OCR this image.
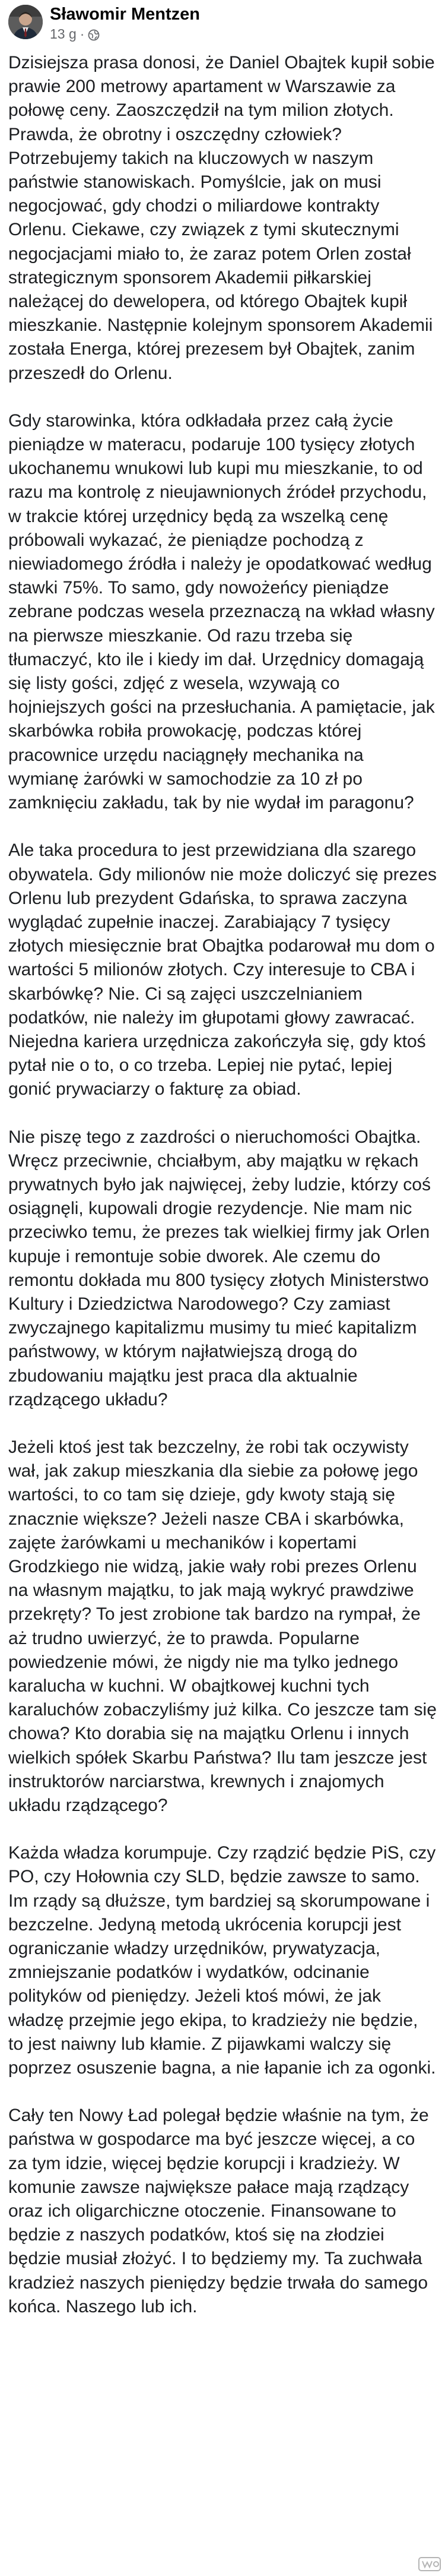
Sławomir Mentzen
13 g ·

Dzisiejsza prasa donosi, że Daniel Obajtek kupił sobie prawie 200 metrowy apartament w Warszawie za połowę ceny. Zaoszczędził na tym milion złotych. Prawda, że obrotny i oszczędny człowiek? Potrzebujemy takich na kluczowych w naszym państwie stanowiskach. Pomyślcie, jak on musi negocjować, gdy chodzi o miliardowe kontrakty Orlenu. Ciekawe, czy związek z tymi skutecznymi negocjacjami miało to, że zaraz potem Orlen został strategicznym sponsorem Akademii piłkarskiej należącej do dewelopera, od którego Obajtek kupił mieszkanie. Następnie kolejnym sponsorem Akademii została Energa, której prezesem był Obajtek, zanim przeszedł do Orlenu.

Gdy starowinka, która odkładała przez całą życie pieniądze w materacu, podaruje 100 tysięcy złotych ukochanemu wnukowi lub kupi mu mieszkanie, to od razu ma kontrolę z nieujawnionych źródeł przychodu, w trakcie której urzędnicy będą za wszelką cenę próbowali wykazać, że pieniądze pochodzą z niewiadomego źródła i należy je opodatkować według stawki 75%. To samo, gdy nowożeńcy pieniądze zebrane podczas wesela przeznaczą na wkład własny na pierwsze mieszkanie. Od razu trzeba się tłumaczyć, kto ile i kiedy im dał. Urzędnicy domagają się listy gości, zdjęć z wesela, wzywają co hojniejszych gości na przesłuchania. A pamiętacie, jak skarbówka robiła prowokację, podczas której pracownice urzędu naciągnęły mechanika na wymianę żarówki w samochodzie za 10 zł po zamknięciu zakładu, tak by nie wydał im paragonu?

Ale taka procedura to jest przewidziana dla szarego obywatela. Gdy milionów nie może doliczyć się prezes Orlenu lub prezydent Gdańska, to sprawa zaczyna wyglądać zupełnie inaczej. Zarabiający 7 tysięcy złotych miesięcznie brat Obajtka podarował mu dom o wartości 5 milionów złotych. Czy interesuje to CBA i skarbówkę? Nie. Ci są zajęci uszczelnianiem podatków, nie należy im głupotami głowy zawracać. Niejedna kariera urzędnicza zakończyła się, gdy ktoś pytał nie o to, o co trzeba. Lepiej nie pytać, lepiej gonić prywaciarzy o fakturę za obiad.

Nie piszę tego z zazdrości o nieruchomości Obajtka. Wręcz przeciwnie, chciałbym, aby majątku w rękach prywatnych było jak najwięcej, żeby ludzie, którzy coś osiągnęli, kupowali drogie rezydencje. Nie mam nic przeciwko temu, że prezes tak wielkiej firmy jak Orlen kupuje i remontuje sobie dworek. Ale czemu do remontu dokłada mu 800 tysięcy złotych Ministerstwo Kultury i Dziedzictwa Narodowego? Czy zamiast zwyczajnego kapitalizmu musimy tu mieć kapitalizm państwowy, w którym najłatwiejszą drogą do zbudowaniu majątku jest praca dla aktualnie rządzącego układu?

Jeżeli ktoś jest tak bezczelny, że robi tak oczywisty wał, jak zakup mieszkania dla siebie za połowę jego wartości, to co tam się dzieje, gdy kwoty stają się znacznie większe? Jeżeli nasze CBA i skarbówka, zajęte żarówkami u mechaników i kopertami Grodzkiego nie widzą, jakie wały robi prezes Orlenu na własnym majątku, to jak mają wykryć prawdziwe przekręty? To jest zrobione tak bardzo na rympał, że aż trudno uwierzyć, że to prawda. Popularne powiedzenie mówi, że nigdy nie ma tylko jednego karalucha w kuchni. W obajtkowej kuchni tych karaluchów zobaczyliśmy już kilka. Co jeszcze tam się chowa? Kto dorabia się na majątku Orlenu i innych wielkich spółek Skarbu Państwa? Ilu tam jeszcze jest instruktorów narciarstwa, krewnych i znajomych układu rządzącego?

Każda władza korumpuje. Czy rządzić będzie PiS, czy PO, czy Hołownia czy SLD, będzie zawsze to samo. Im rządy są dłuższe, tym bardziej są skorumpowane i bezczelne. Jedyną metodą ukrócenia korupcji jest ograniczanie władzy urzędników, prywatyzacja, zmniejszanie podatków i wydatków, odcinanie polityków od pieniędzy. Jeżeli ktoś mówi, że jak władzę przejmie jego ekipa, to kradzieży nie będzie, to jest naiwny lub kłamie. Z pijawkami walczy się poprzez osuszenie bagna, a nie łapanie ich za ogonki.

Cały ten Nowy Ład polegał będzie właśnie na tym, że państwa w gospodarce ma być jeszcze więcej, a co za tym idzie, więcej będzie korupcji i kradzieży. W komunie zawsze największe pałace mają rządzący oraz ich oligarchiczne otoczenie. Finansowane to będzie z naszych podatków, ktoś się na złodziei będzie musiał złożyć. I to będziemy my. Ta zuchwała kradzież naszych pieniędzy będzie trwała do samego końca. Naszego lub ich.
